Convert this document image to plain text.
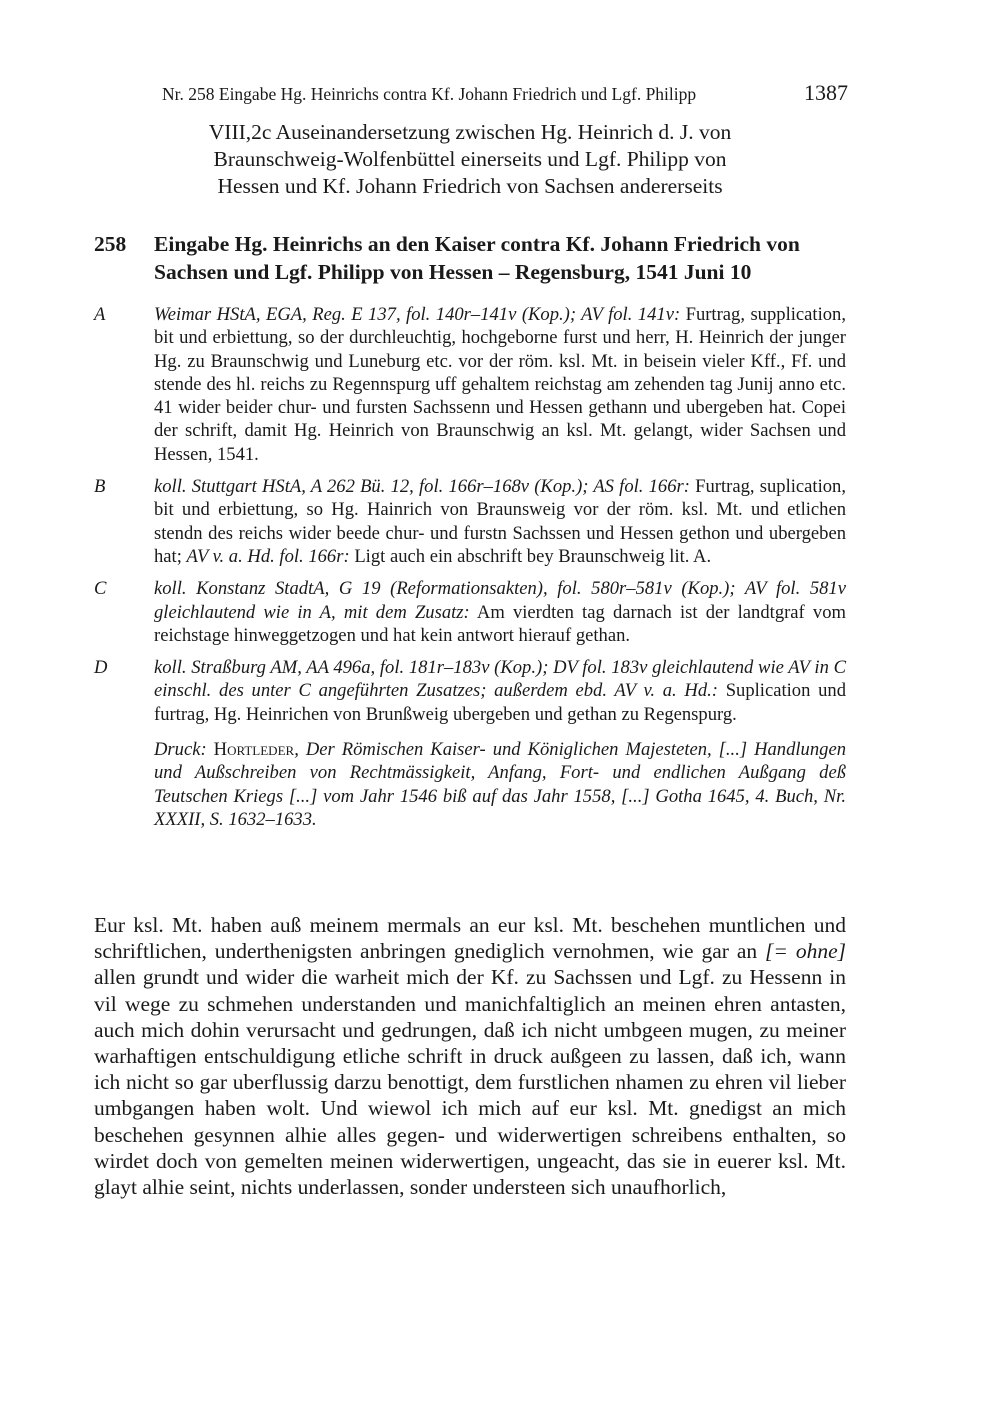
Nr. 258 Eingabe Hg. Heinrichs contra Kf. Johann Friedrich und Lgf. Philipp	1387
VIII,2c Auseinandersetzung zwischen Hg. Heinrich d. J. von
Braunschweig-Wolfenbüttel einerseits und Lgf. Philipp von
Hessen und Kf. Johann Friedrich von Sachsen andererseits
258 Eingabe Hg. Heinrichs an den Kaiser contra Kf. Johann Friedrich von Sachsen und Lgf. Philipp von Hessen – Regensburg, 1541 Juni 10
A	Weimar HStA, EGA, Reg. E 137, fol. 140r–141v (Kop.); AV fol. 141v: Furtrag, supplication, bit und erbiettung, so der durchleuchtig, hochgeborne furst und herr, H. Heinrich der junger Hg. zu Braunschwig und Luneburg etc. vor der röm. ksl. Mt. in beisein vieler Kff., Ff. und stende des hl. reichs zu Regennspurg uff gehaltem reichstag am zehenden tag Junij anno etc. 41 wider beider chur- und fursten Sachssenn und Hessen gethann und ubergeben hat. Copei der schrift, damit Hg. Heinrich von Braunschwig an ksl. Mt. gelangt, wider Sachsen und Hessen, 1541.
B	koll. Stuttgart HStA, A 262 Bü. 12, fol. 166r–168v (Kop.); AS fol. 166r: Furtrag, suplication, bit und erbiettung, so Hg. Hainrich von Braunsweig vor der röm. ksl. Mt. und etlichen stendn des reichs wider beede chur- und furstn Sachssen und Hessen gethon und ubergeben hat; AV v. a. Hd. fol. 166r: Ligt auch ein abschrift bey Braunschweig lit. A.
C	koll. Konstanz StadtA, G 19 (Reformationsakten), fol. 580r–581v (Kop.); AV fol. 581v gleichlautend wie in A, mit dem Zusatz: Am vierdten tag darnach ist der landtgraf vom reichstage hinweggetzogen und hat kein antwort hierauf gethan.
D	koll. Straßburg AM, AA 496a, fol. 181r–183v (Kop.); DV fol. 183v gleichlautend wie AV in C einschl. des unter C angeführten Zusatzes; außerdem ebd. AV v. a. Hd.: Suplication und furtrag, Hg. Heinrichen von Brunßweig ubergeben und gethan zu Regenspurg.
Druck: Hortleder, Der Römischen Kaiser- und Königlichen Majesteten, [...] Handlungen und Außschreiben von Rechtmässigkeit, Anfang, Fort- und endlichen Außgang deß Teutschen Kriegs [...] vom Jahr 1546 biß auf das Jahr 1558, [...] Gotha 1645, 4. Buch, Nr. XXXII, S. 1632–1633.
Eur ksl. Mt. haben auß meinem mermals an eur ksl. Mt. beschehen muntlichen und schriftlichen, underthenigsten anbringen gnediglich vernohmen, wie gar an [= ohne] allen grundt und wider die warheit mich der Kf. zu Sachssen und Lgf. zu Hessenn in vil wege zu schmehen understanden und manichfaltiglich an meinen ehren antasten, auch mich dohin verursacht und gedrungen, daß ich nicht umbgeen mugen, zu meiner warhaftigen entschuldigung etliche schrift in druck außgeen zu lassen, daß ich, wann ich nicht so gar uberflussig darzu benottigt, dem furstlichen nhamen zu ehren vil lieber umbgangen haben wolt. Und wiewol ich mich auf eur ksl. Mt. gnedigst an mich beschehen gesynnen alhie alles gegen- und widerwertigen schreibens enthalten, so wirdet doch von gemelten meinen widerwertigen, ungeacht, das sie in euerer ksl. Mt. glayt alhie seint, nichts underlassen, sonder understeen sich unaufhorlich,
